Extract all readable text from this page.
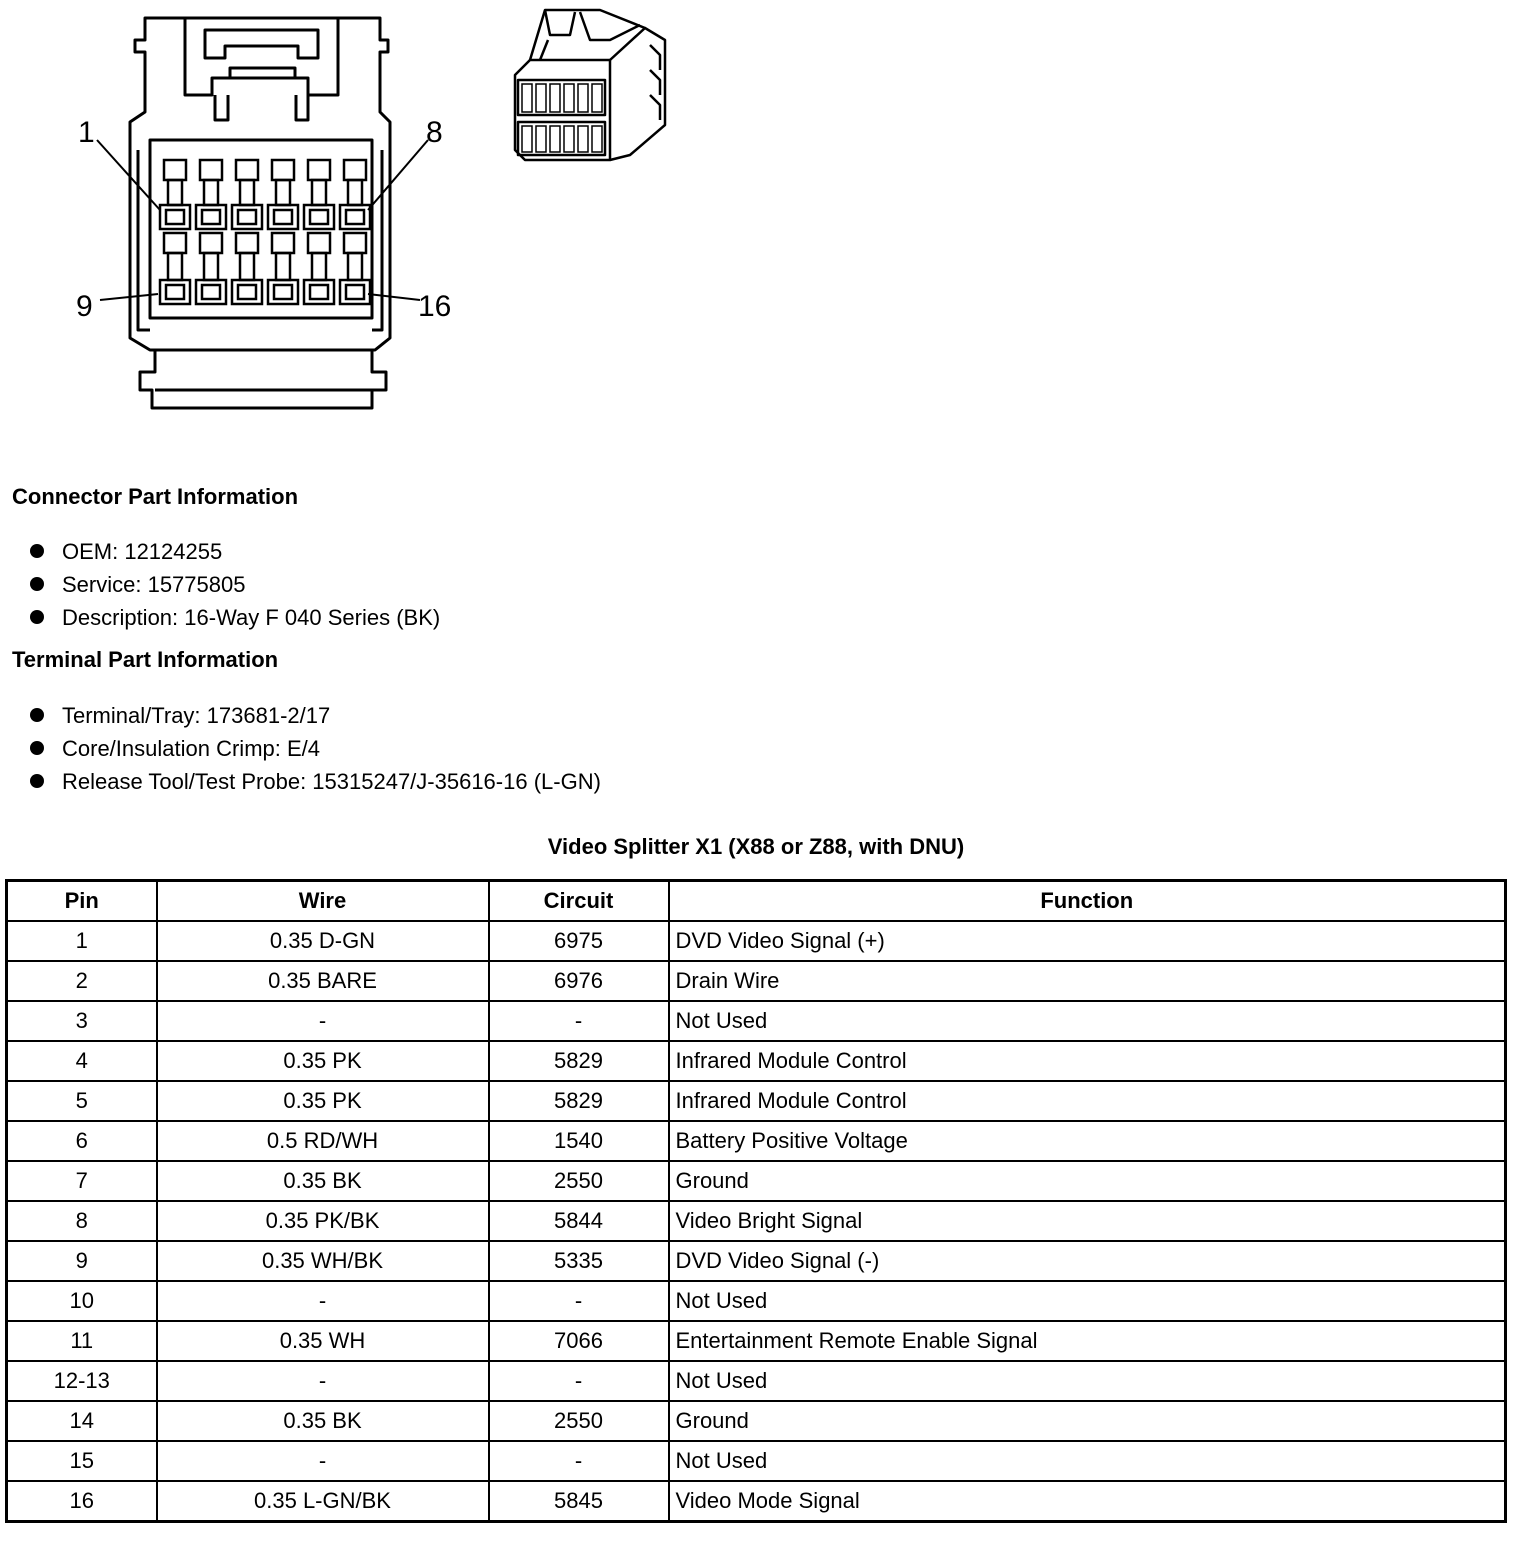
1	8
9	16
Connector Part Information
OEM: 12124255
Service: 15775805
Description: 16-Way F 040 Series (BK)
Terminal Part Information
Terminal/Tray: 173681-2/17
Core/Insulation Crimp: E/4
Release Tool/Test Probe: 15315247/J-35616-16 (L-GN)
Video Splitter X1 (X88 or Z88, with DNU)
Pin	Wire	Circuit	Function
1	0.35 D-GN	6975	DVD Video Signal (+)
2	0.35 BARE	6976	Drain Wire
3	-	-	Not Used
4	0.35 PK	5829	Infrared Module Control
5	0.35 PK	5829	Infrared Module Control
6	0.5 RD/WH	1540	Battery Positive Voltage
7	0.35 BK	2550	Ground
8	0.35 PK/BK	5844	Video Bright Signal
9	0.35 WH/BK	5335	DVD Video Signal (-)
10	-	-	Not Used
11	0.35 WH	7066	Entertainment Remote Enable Signal
12-13	-	-	Not Used
14	0.35 BK	2550	Ground
15	-	-	Not Used
16	0.35 L-GN/BK	5845	Video Mode Signal
